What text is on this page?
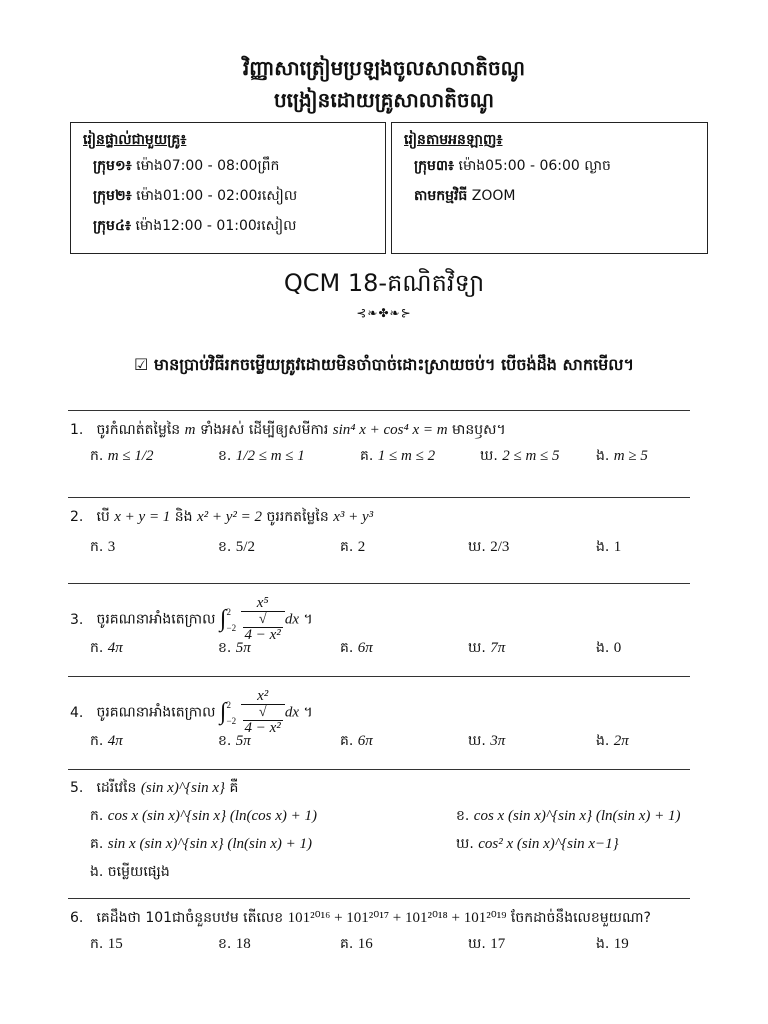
វិញ្ញាសាត្រៀមប្រឡងចូលសាលាតិចណូ
បង្រៀនដោយគ្រូសាលាតិចណូ
រៀនផ្ទាល់ជាមួយគ្រូ៖
ក្រុម១៖ ម៉ោង07:00 - 08:00ព្រឹក
ក្រុម២៖ ម៉ោង01:00 - 02:00រសៀល
ក្រុម៤៖ ម៉ោង12:00 - 01:00រសៀល
រៀនតាមអនឡាញ៖
ក្រុម៣៖ ម៉ោង05:00 - 06:00 ល្ងាច
តាមកម្មវិធី ZOOM
QCM 18-គណិតវិទ្យា
⊰❧✤❧⊱
☑ មានប្រាប់វិធីរកចម្លើយត្រូវដោយមិនចាំបាច់ដោះស្រាយចប់។ បើចង់ដឹង សាកមើល។
1. ចូរកំណត់តម្លៃនៃ m ទាំងអស់ ដើម្បីឲ្យសមីការ sin⁴ x + cos⁴ x = m មានឫស។
ក. m ≤ 1/2	ខ. 1/2 ≤ m ≤ 1	គ. 1 ≤ m ≤ 2	ឃ. 2 ≤ m ≤ 5	ង. m ≥ 5
2. បើ x + y = 1 និង x² + y² = 2 ចូររកតម្លៃនៃ x³ + y³
ក. 3	ខ. 5/2	គ. 2	ឃ. 2/3	ង. 1
3. ចូរគណនាអាំងតេក្រាល ∫ 2
−2
x⁵
√
4 − x² dx ។
ក. 4π	ខ. 5π	គ. 6π	ឃ. 7π	ង. 0
4. ចូរគណនាអាំងតេក្រាល ∫ 2
−2
x²
√
4 − x² dx ។
ក. 4π	ខ. 5π	គ. 6π	ឃ. 3π	ង. 2π
5. ដេរីវេនៃ (sin x)^{sin x} គឺ
ក. cos x (sin x)^{sin x} (ln(cos x) + 1)	ខ. cos x (sin x)^{sin x} (ln(sin x) + 1)
គ. sin x (sin x)^{sin x} (ln(sin x) + 1)	ឃ. cos² x (sin x)^{sin x−1}
ង. ចម្លើយផ្សេង
6. គេដឹងថា 101ជាចំនួនបឋម តើលេខ 101²⁰¹⁶ + 101²⁰¹⁷ + 101²⁰¹⁸ + 101²⁰¹⁹ ចែកដាច់នឹងលេខមួយណា?
ក. 15	ខ. 18	គ. 16	ឃ. 17	ង. 19
